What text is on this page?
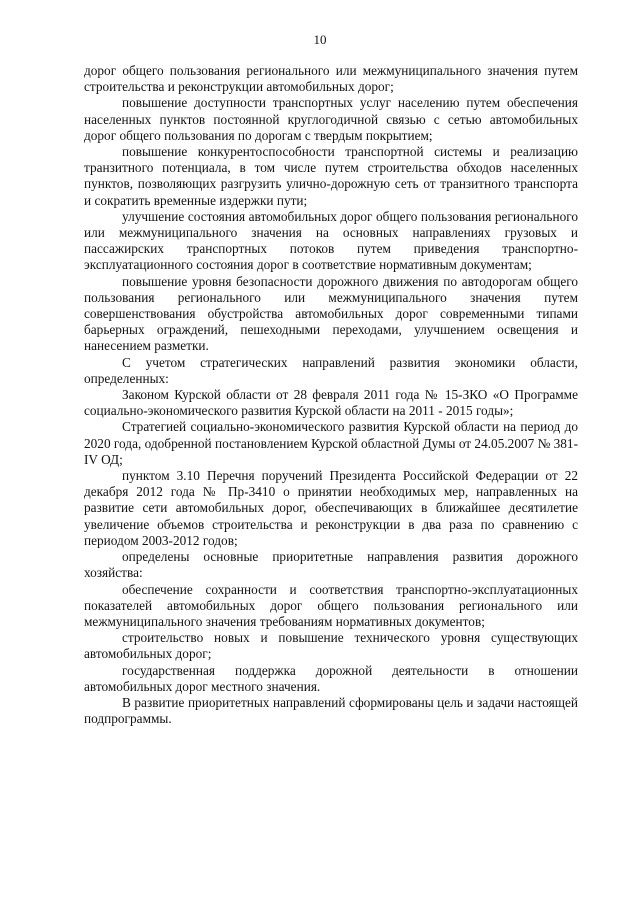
10

дорог общего пользования регионального или межмуниципального значения путем строительства и реконструкции автомобильных дорог;

повышение доступности транспортных услуг населению путем обеспечения населенных пунктов постоянной круглогодичной связью с сетью автомобильных дорог общего пользования по дорогам с твердым покрытием;

повышение конкурентоспособности транспортной системы и реализацию транзитного потенциала, в том числе путем строительства обходов населенных пунктов, позволяющих разгрузить улично-дорожную сеть от транзитного транспорта и сократить временные издержки пути;

улучшение состояния автомобильных дорог общего пользования регионального или межмуниципального значения на основных направлениях грузовых и пассажирских транспортных потоков путем приведения транспортно-эксплуатационного состояния дорог в соответствие нормативным документам;

повышение уровня безопасности дорожного движения по автодорогам общего пользования регионального или межмуниципального значения путем совершенствования обустройства автомобильных дорог современными типами барьерных ограждений, пешеходными переходами, улучшением освещения и нанесением разметки.

С учетом стратегических направлений развития экономики области, определенных:

Законом Курской области от 28 февраля 2011 года № 15-ЗКО «О Программе социально-экономического развития Курской области на 2011 - 2015 годы»;

Стратегией социально-экономического развития Курской области на период до 2020 года, одобренной постановлением Курской областной Думы от 24.05.2007 № 381-IV ОД;

пунктом 3.10 Перечня поручений Президента Российской Федерации от 22 декабря 2012 года № Пр-3410 о принятии необходимых мер, направленных на развитие сети автомобильных дорог, обеспечивающих в ближайшее десятилетие увеличение объемов строительства и реконструкции в два раза по сравнению с периодом 2003-2012 годов;

определены основные приоритетные направления развития дорожного хозяйства:

обеспечение сохранности и соответствия транспортно-эксплуатационных показателей автомобильных дорог общего пользования регионального или межмуниципального значения требованиям нормативных документов;

строительство новых и повышение технического уровня существующих автомобильных дорог;

государственная поддержка дорожной деятельности в отношении автомобильных дорог местного значения.

В развитие приоритетных направлений сформированы цель и задачи настоящей подпрограммы.
